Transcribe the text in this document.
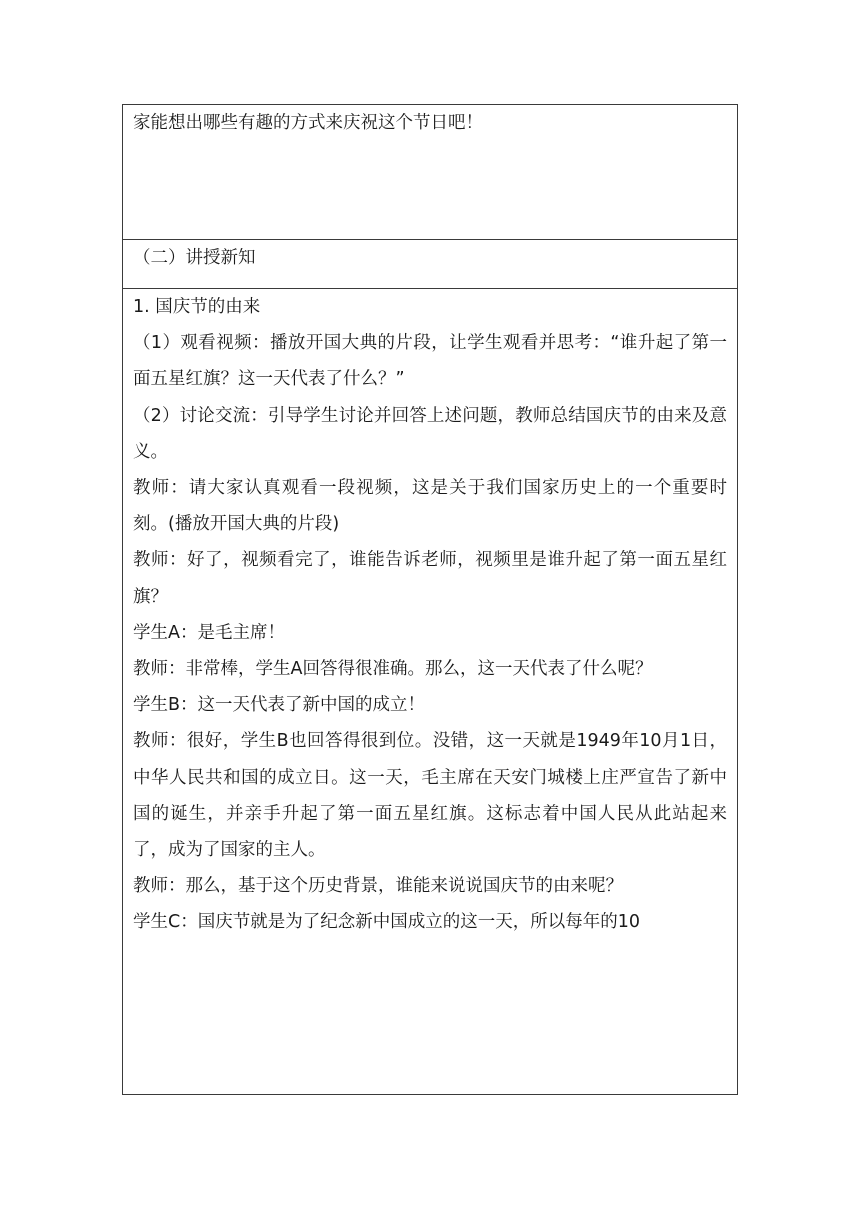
家能想出哪些有趣的方式来庆祝这个节日吧！

（二）讲授新知

1. 国庆节的由来

（1）观看视频：播放开国大典的片段，让学生观看并思考：“谁升起了第一面五星红旗？这一天代表了什么？”

（2）讨论交流：引导学生讨论并回答上述问题，教师总结国庆节的由来及意义。

教师：请大家认真观看一段视频，这是关于我们国家历史上的一个重要时刻。(播放开国大典的片段)

教师：好了，视频看完了，谁能告诉老师，视频里是谁升起了第一面五星红旗？

学生A：是毛主席！

教师：非常棒，学生A回答得很准确。那么，这一天代表了什么呢？

学生B：这一天代表了新中国的成立！

教师：很好，学生B也回答得很到位。没错，这一天就是1949年10月1日，中华人民共和国的成立日。这一天，毛主席在天安门城楼上庄严宣告了新中国的诞生，并亲手升起了第一面五星红旗。这标志着中国人民从此站起来了，成为了国家的主人。

教师：那么，基于这个历史背景，谁能来说说国庆节的由来呢？

学生C：国庆节就是为了纪念新中国成立的这一天，所以每年的10
